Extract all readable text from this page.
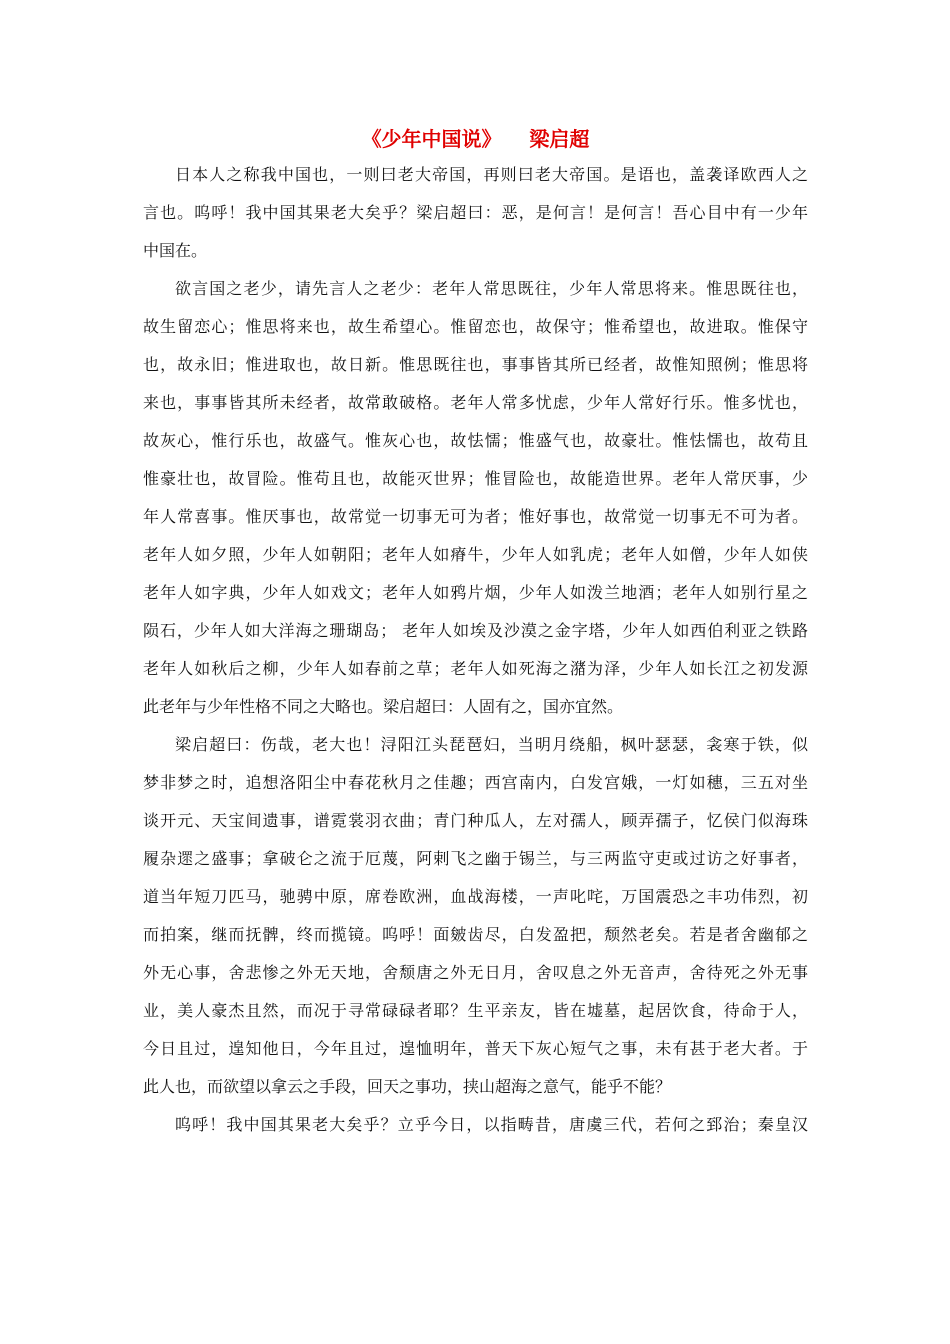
《少年中国说》    梁启超
日本人之称我中国也，一则曰老大帝国，再则曰老大帝国。是语也，盖袭译欧西人之
言也。呜呼！我中国其果老大矣乎？梁启超曰：恶，是何言！是何言！吾心目中有一少年
中国在。
欲言国之老少，请先言人之老少：老年人常思既往，少年人常思将来。惟思既往也，
故生留恋心；惟思将来也，故生希望心。惟留恋也，故保守；惟希望也，故进取。惟保守
也，故永旧；惟进取也，故日新。惟思既往也，事事皆其所已经者，故惟知照例；惟思将
来也，事事皆其所未经者，故常敢破格。老年人常多忧虑，少年人常好行乐。惟多忧也，
故灰心，惟行乐也，故盛气。惟灰心也，故怯懦；惟盛气也，故豪壮。惟怯懦也，故苟且
惟豪壮也，故冒险。惟苟且也，故能灭世界；惟冒险也，故能造世界。老年人常厌事，少
年人常喜事。惟厌事也，故常觉一切事无可为者；惟好事也，故常觉一切事无不可为者。
老年人如夕照，少年人如朝阳；老年人如瘠牛，少年人如乳虎；老年人如僧，少年人如侠
老年人如字典，少年人如戏文；老年人如鸦片烟，少年人如泼兰地酒；老年人如别行星之
陨石，少年人如大洋海之珊瑚岛； 老年人如埃及沙漠之金字塔，少年人如西伯利亚之铁路
老年人如秋后之柳，少年人如春前之草；老年人如死海之潴为泽，少年人如长江之初发源
此老年与少年性格不同之大略也。梁启超曰：人固有之，国亦宜然。
梁启超曰：伤哉，老大也！浔阳江头琵琶妇，当明月绕船，枫叶瑟瑟，衾寒于铁，似
梦非梦之时，追想洛阳尘中春花秋月之佳趣；西宫南内，白发宫娥，一灯如穗，三五对坐
谈开元、天宝间遗事，谱霓裳羽衣曲；青门种瓜人，左对孺人，顾弄孺子，忆侯门似海珠
履杂遝之盛事；拿破仑之流于厄蔑，阿剌飞之幽于锡兰，与三两监守吏或过访之好事者，
道当年短刀匹马，驰骋中原，席卷欧洲，血战海楼，一声叱咤，万国震恐之丰功伟烈，初
而拍案，继而抚髀，终而揽镜。呜呼！面皴齿尽，白发盈把，颓然老矣。若是者舍幽郁之
外无心事，舍悲惨之外无天地，舍颓唐之外无日月，舍叹息之外无音声，舍待死之外无事
业，美人豪杰且然，而况于寻常碌碌者耶？生平亲友，皆在墟墓，起居饮食，待命于人，
今日且过，遑知他日，今年且过，遑恤明年，普天下灰心短气之事，未有甚于老大者。于
此人也，而欲望以拿云之手段，回天之事功，挟山超海之意气，能乎不能？
呜呼！我中国其果老大矣乎？立乎今日，以指畴昔，唐虞三代，若何之郅治；秦皇汉
